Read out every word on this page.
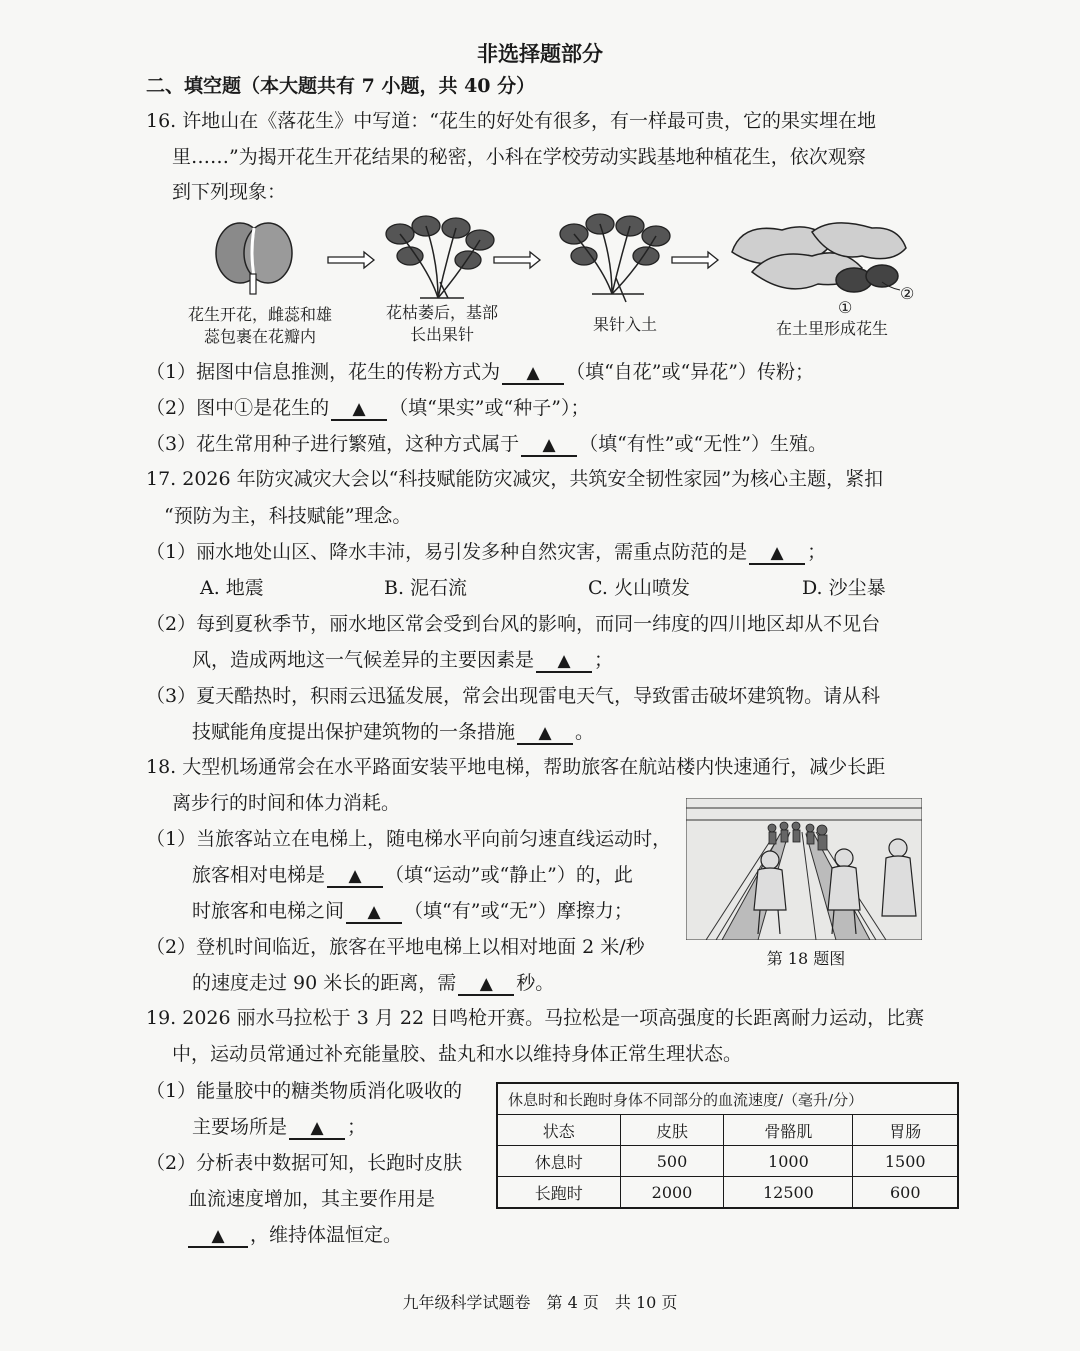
非选择题部分
二、填空题（本大题共有 7 小题，共 40 分）
16. 许地山在《落花生》中写道：“花生的好处有很多，有一样最可贵，它的果实埋在地
里……”为揭开花生开花结果的秘密，小科在学校劳动实践基地种植花生，依次观察
到下列现象：
①
②
花生开花，雌蕊和雄
蕊包裹在花瓣内
花枯萎后，基部
长出果针
果针入土	在土里形成花生
（1）据图中信息推测，花生的传粉方式为 ▲ （填“自花”或“异花”）传粉；
（2）图中①是花生的 ▲ （填“果实”或“种子”）；
（3）花生常用种子进行繁殖，这种方式属于 ▲ （填“有性”或“无性”）生殖。
17. 2026 年防灾减灾大会以“科技赋能防灾减灾，共筑安全韧性家园”为核心主题，紧扣
“预防为主，科技赋能”理念。
（1）丽水地处山区、降水丰沛，易引发多种自然灾害，需重点防范的是 ▲ ；
A. 地震	B. 泥石流	C. 火山喷发	D. 沙尘暴
（2）每到夏秋季节，丽水地区常会受到台风的影响，而同一纬度的四川地区却从不见台
风，造成两地这一气候差异的主要因素是 ▲ ；
（3）夏天酷热时，积雨云迅猛发展，常会出现雷电天气，导致雷击破坏建筑物。请从科
技赋能角度提出保护建筑物的一条措施 ▲ 。
18. 大型机场通常会在水平路面安装平地电梯，帮助旅客在航站楼内快速通行，减少长距
离步行的时间和体力消耗。
（1）当旅客站立在电梯上，随电梯水平向前匀速直线运动时，
旅客相对电梯是 ▲ （填“运动”或“静止”）的，此
时旅客和电梯之间 ▲ （填“有”或“无”）摩擦力；
（2）登机时间临近，旅客在平地电梯上以相对地面 2 米/秒
的速度走过 90 米长的距离，需 ▲ 秒。
第 18 题图
19. 2026 丽水马拉松于 3 月 22 日鸣枪开赛。马拉松是一项高强度的长距离耐力运动，比赛
中，运动员常通过补充能量胶、盐丸和水以维持身体正常生理状态。
（1）能量胶中的糖类物质消化吸收的
主要场所是 ▲ ；
（2）分析表中数据可知，长跑时皮肤
血流速度增加，其主要作用是
▲ ，维持体温恒定。
休息时和长跑时身体不同部分的血流速度/（毫升/分）			
状态	皮肤	骨骼肌	胃肠
休息时	500	1000	1500
长跑时	2000	12500	600
九年级科学试题卷　第 4 页　共 10 页
